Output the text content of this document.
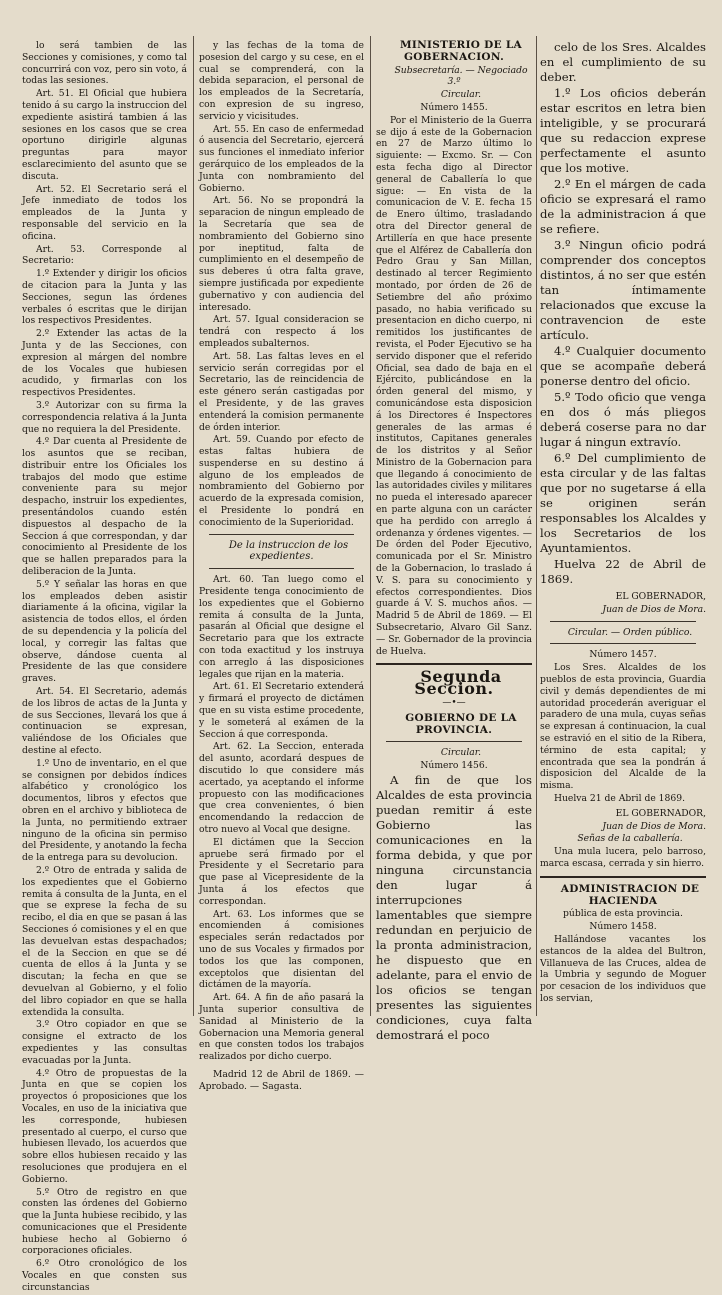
lo será tambien de las Secciones y comisiones, y como tal concurrirá con voz, pero sin voto, á todas las sesiones.

Art. 51. El Oficial que hubiera tenido á su cargo la instruccion del expediente asistirá tambien á las sesiones en los casos que se crea oportuno dirigirle algunas preguntas para mayor esclarecimiento del asunto que se discuta.

Art. 52. El Secretario será el Jefe inmediato de todos los empleados de la Junta y responsable del servicio en la oficina.

Art. 53. Corresponde al Secretario:

1.º Extender y dirigir los oficios de citacion para la Junta y las Secciones, segun las órdenes verbales ó escritas que le dirijan los respectivos Presidentes.

2.º Extender las actas de la Junta y de las Secciones, con expresion al márgen del nombre de los Vocales que hubiesen acudido, y firmarlas con los respectivos Presidentes.

3.º Autorizar con su firma la correspondencia relativa á la Junta que no requiera la del Presidente.

4.º Dar cuenta al Presidente de los asuntos que se reciban, distribuir entre los Oficiales los trabajos del modo que estime conveniente para su mejor despacho, instruir los expedientes, presentándolos cuando estén dispuestos al despacho de la Seccion á que correspondan, y dar conocimiento al Presidente de los que se hallen preparados para la deliberacion de la Junta.

5.º Y señalar las horas en que los empleados deben asistir diariamente á la oficina, vigilar la asistencia de todos ellos, el órden de su dependencia y la policía del local, y corregir las faltas que observe, dándose cuenta al Presidente de las que considere graves.

Art. 54. El Secretario, además de los libros de actas de la Junta y de sus Secciones, llevará los que á continuacion se expresan, valiéndose de los Oficiales que destine al efecto.

1.º Uno de inventario, en el que se consignen por debidos índices alfabético y cronológico los documentos, libros y efectos que obren en el archivo y biblioteca de la Junta, no permitiendo extraer ninguno de la oficina sin permiso del Presidente, y anotando la fecha de la entrega para su devolucion.

2.º Otro de entrada y salida de los expedientes que el Gobierno remita á consulta de la Junta, en el que se exprese la fecha de su recibo, el dia en que se pasan á las Secciones ó comisiones y el en que las devuelvan estas despachados; el de la Seccion en que se dé cuenta de ellos á la Junta y se discutan; la fecha en que se devuelvan al Gobierno, y el folio del libro copiador en que se halla extendida la consulta.

3.º Otro copiador en que se consigne el extracto de los expedientes y las consultas evacuadas por la Junta.

4.º Otro de propuestas de la Junta en que se copien los proyectos ó proposiciones que los Vocales, en uso de la iniciativa que les corresponde, hubiesen presentado al cuerpo, el curso que hubiesen llevado, los acuerdos que sobre ellos hubiesen recaido y las resoluciones que produjera en el Gobierno.

5.º Otro de registro en que consten las órdenes del Gobierno que la Junta hubiese recibido, y las comunicaciones que el Presidente hubiese hecho al Gobierno ó corporaciones oficiales.

6.º Otro cronológico de los Vocales en que consten sus circunstancias

y las fechas de la toma de posesion del cargo y su cese, en el cual se comprenderá, con la debida separacion, el personal de los empleados de la Secretaría, con expresion de su ingreso, servicio y vicisitudes.

Art. 55. En caso de enfermedad ó ausencia del Secretario, ejercerá sus funciones el inmediato inferior gerárquico de los empleados de la Junta con nombramiento del Gobierno.

Art. 56. No se propondrá la separacion de ningun empleado de la Secretaría que sea de nombramiento del Gobierno sino por ineptitud, falta de cumplimiento en el desempeño de sus deberes ú otra falta grave, siempre justificada por expediente gubernativo y con audiencia del interesado.

Art. 57. Igual consideracion se tendrá con respecto á los empleados subalternos.

Art. 58. Las faltas leves en el servicio serán corregidas por el Secretario, las de reincidencia de este género serán castigadas por el Presidente, y de las graves entenderá la comision permanente de órden interior.

Art. 59. Cuando por efecto de estas faltas hubiera de suspenderse en su destino á alguno de los empleados de nombramiento del Gobierno por acuerdo de la expresada comision, el Presidente lo pondrá en conocimiento de la Superioridad.

De la instruccion de los expedientes.

Art. 60. Tan luego como el Presidente tenga conocimiento de los expedientes que el Gobierno remita á consulta de la Junta, pasarán al Oficial que designe el Secretario para que los extracte con toda exactitud y los instruya con arreglo á las disposiciones legales que rijan en la materia.

Art. 61. El Secretario extenderá y firmará el proyecto de dictámen que en su vista estime procedente, y le someterá al exámen de la Seccion á que corresponda.

Art. 62. La Seccion, enterada del asunto, acordará despues de discutido lo que considere más acertado, ya aceptando el informe propuesto con las modificaciones que crea convenientes, ó bien encomendando la redaccion de otro nuevo al Vocal que designe.

El dictámen que la Seccion apruebe será firmado por el Presidente y el Secretario para que pase al Vicepresidente de la Junta á los efectos que correspondan.

Art. 63. Los informes que se encomienden á comisiones especiales serán redactados por uno de sus Vocales y firmados por todos los que las componen, exceptolos que disientan del dictámen de la mayoría.

Art. 64. A fin de año pasará la Junta superior consultiva de Sanidad al Ministerio de la Gobernacion una Memoria general en que consten todos los trabajos realizados por dicho cuerpo.

Madrid 12 de Abril de 1869. — Aprobado. — Sagasta.

MINISTERIO DE LA GOBERNACION.

Subsecretaría. — Negociado 3.º

Circular.

Número 1455.

Por el Ministerio de la Guerra se dijo á este de la Gobernacion en 27 de Marzo último lo siguiente: — Excmo. Sr. — Con esta fecha digo al Director general de Caballería lo que sigue: — En vista de la comunicacion de V. E. fecha 15 de Enero último, trasladando otra del Director general de Artillería en que hace presente que el Alférez de Caballería don Pedro Grau y San Millan, destinado al tercer Regimiento montado, por órden de 26 de Setiembre del año próximo pasado, no habia verificado su presentacion en dicho cuerpo, ni remitidos los justificantes de revista, el Poder Ejecutivo se ha servido disponer que el referido Oficial, sea dado de baja en el Ejército, publicándose en la órden general del mismo, y comunicándose esta disposicion á los Directores é Inspectores generales de las armas é institutos, Capitanes generales de los distritos y al Señor Ministro de la Gobernacion para que llegando á conocimiento de las autoridades civiles y militares no pueda el interesado aparecer en parte alguna con un carácter que ha perdido con arreglo á ordenanza y órdenes vigentes. — De órden del Poder Ejecutivo, comunicada por el Sr. Ministro de la Gobernacion, lo traslado á V. S. para su conocimiento y efectos correspondientes. Dios guarde á V. S. muchos años. — Madrid 5 de Abril de 1869. — El Subsecretario, Alvaro Gil Sanz. — Sr. Gobernador de la provincia de Huelva.

Segunda Seccion.

—•—

GOBIERNO DE LA PROVINCIA.

Circular.

Número 1456.

A fin de que los Alcaldes de esta provincia puedan remitir á este Gobierno las comunicaciones en la forma debida, y que por ninguna circunstancia den lugar á interrupciones lamentables que siempre redundan en perjuicio de la pronta administracion, he dispuesto que en adelante, para el envio de los oficios se tengan presentes las siguientes condiciones, cuya falta demostrará el poco

celo de los Sres. Alcaldes en el cumplimiento de su deber.

1.º Los oficios deberán estar escritos en letra bien inteligible, y se procurará que su redaccion exprese perfectamente el asunto que los motive.

2.º En el márgen de cada oficio se expresará el ramo de la administracion á que se refiere.

3.º Ningun oficio podrá comprender dos conceptos distintos, á no ser que estén tan íntimamente relacionados que excuse la contravencion de este artículo.

4.º Cualquier documento que se acompañe deberá ponerse dentro del oficio.

5.º Todo oficio que venga en dos ó más pliegos deberá coserse para no dar lugar á ningun extravío.

6.º Del cumplimiento de esta circular y de las faltas que por no sugetarse á ella se originen serán responsables los Alcaldes y los Secretarios de los Ayuntamientos.

Huelva 22 de Abril de 1869.

EL GOBERNADOR,

Juan de Dios de Mora.

Circular. — Orden público.

Número 1457.

Los Sres. Alcaldes de los pueblos de esta provincia, Guardia civil y demás dependientes de mi autoridad procederán averiguar el paradero de una mula, cuyas señas se expresan á continuacion, la cual se estravió en el sitio de la Ribera, término de esta capital; y encontrada que sea la pondrán á disposicion del Alcalde de la misma.

Huelva 21 de Abril de 1869.

EL GOBERNADOR,

Juan de Dios de Mora.

Señas de la caballería.

Una mula lucera, pelo barroso, marca escasa, cerrada y sin hierro.

ADMINISTRACION DE HACIENDA

pública de esta provincia.

Número 1458.

Hallándose vacantes los estancos de la aldea del Bultron, Villanueva de las Cruces, aldea de la Umbria y segundo de Moguer por cesacion de los individuos que los servian,
